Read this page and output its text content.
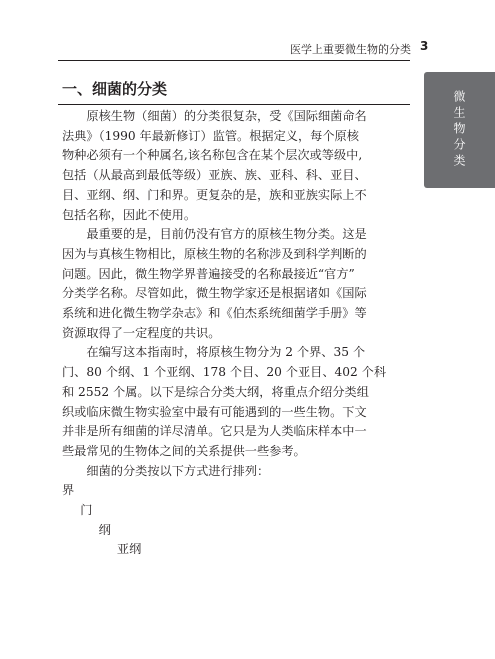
医学上重要微生物的分类 3
微生物分类
一、细菌的分类

原核生物（细菌）的分类很复杂，受《国际细菌命名

法典》（1990 年最新修订）监管。根据定义，每个原核

物种必须有一个种属名,该名称包含在某个层次或等级中,

包括（从最高到最低等级）亚族、族、亚科、科、亚目、

目、亚纲、纲、门和界。更复杂的是，族和亚族实际上不

包括名称，因此不使用。

最重要的是，目前仍没有官方的原核生物分类。这是

因为与真核生物相比，原核生物的名称涉及到科学判断的

问题。因此，微生物学界普遍接受的名称最接近“官方”

分类学名称。尽管如此，微生物学家还是根据诸如《国际

系统和进化微生物学杂志》和《伯杰系统细菌学手册》等

资源取得了一定程度的共识。

在编写这本指南时，将原核生物分为 2 个界、35 个

门、80 个纲、1 个亚纲、178 个目、20 个亚目、402 个科

和 2552 个属。以下是综合分类大纲，将重点介绍分类组

织或临床微生物实验室中最有可能遇到的一些生物。下文

并非是所有细菌的详尽清单。它只是为人类临床样本中一

些最常见的生物体之间的关系提供一些参考。

细菌的分类按以下方式进行排列：

界
门
纲
亚纲
